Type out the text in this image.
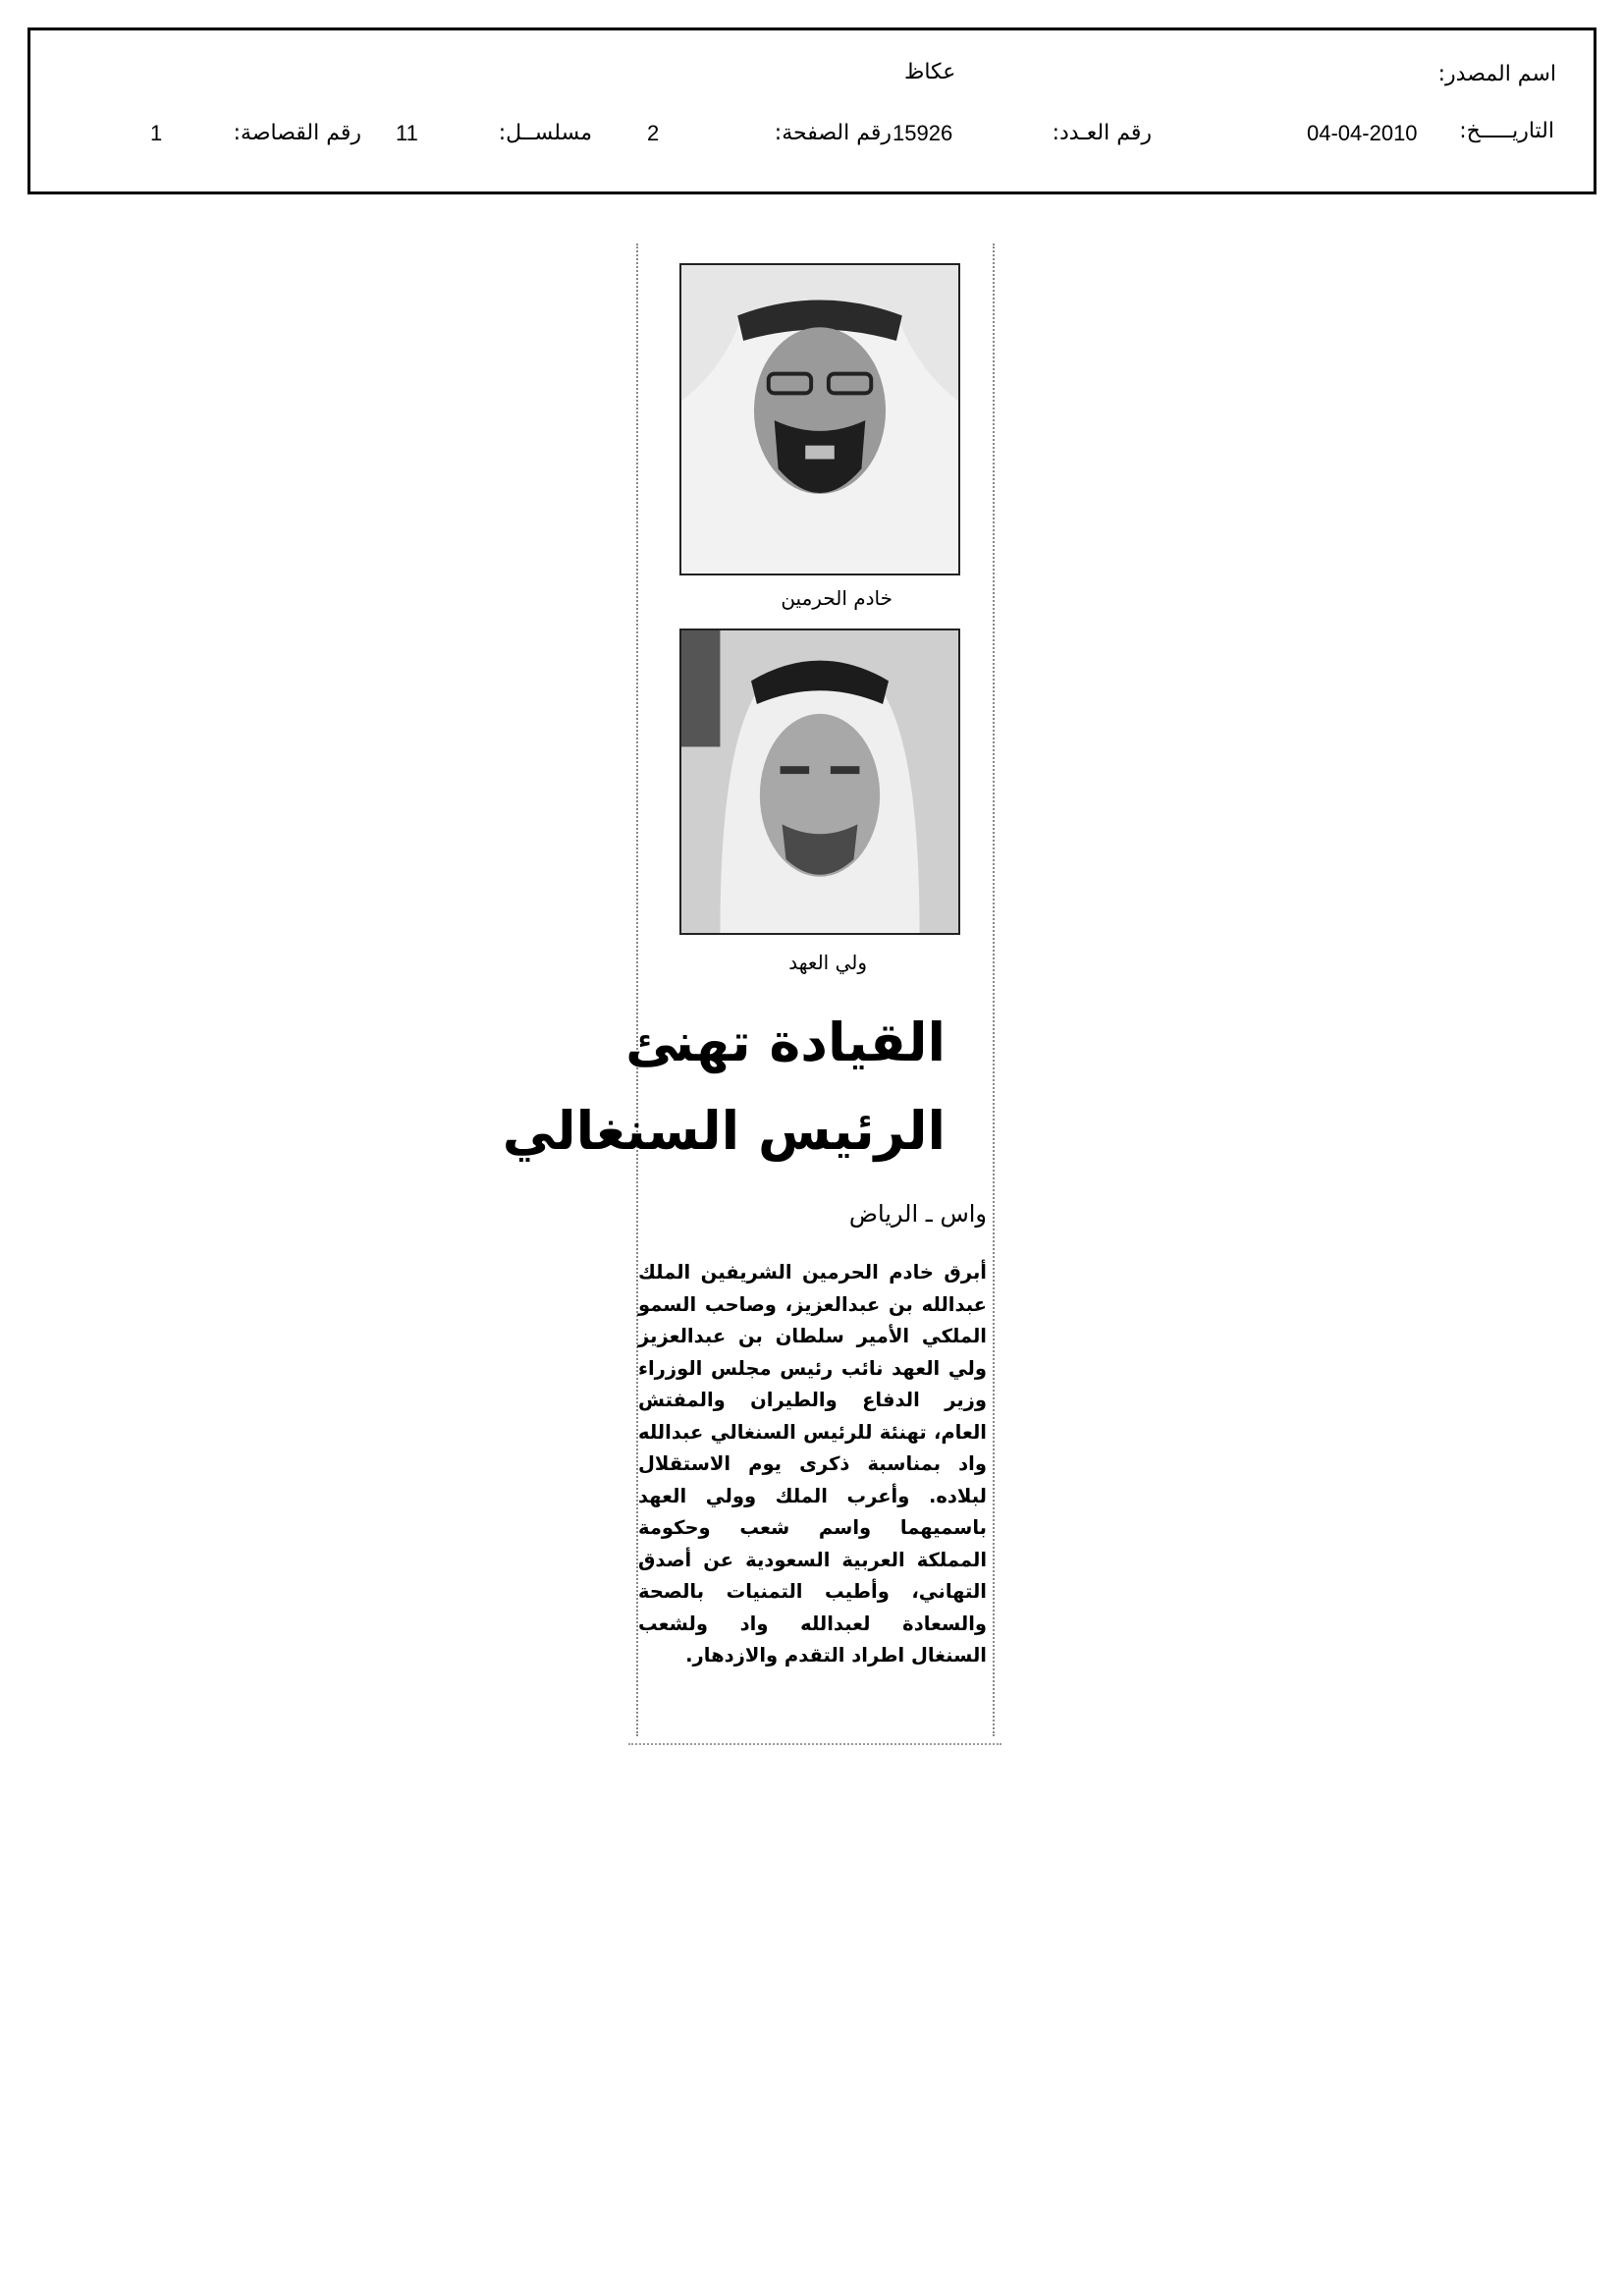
اسم المصدر:
عكاظ
التاريـــــخ:
04-04-2010
رقم العـدد:
15926
رقم الصفحة:
2
مسلســل:
11
رقم القصاصة:
1
خادم الحرمين
ولي العهد
القيادة تهنئ
الرئيس السنغالي
واس ـ الرياض

أبرق خادم الحرمين الشريفين الملك عبدالله بن عبدالعزيز، وصاحب السمو الملكي الأمير سلطان بن عبدالعزيز ولي العهد نائب رئيس مجلس الوزراء وزير الدفاع والطيران والمفتش العام، تهنئة للرئيس السنغالي عبدالله واد بمناسبة ذكرى يوم الاستقلال لبلاده. وأعرب الملك وولي العهد باسميهما واسم شعب وحكومة المملكة العربية السعودية عن أصدق التهاني، وأطيب التمنيات بالصحة والسعادة لعبدالله واد ولشعب السنغال اطراد التقدم والازدهار.
